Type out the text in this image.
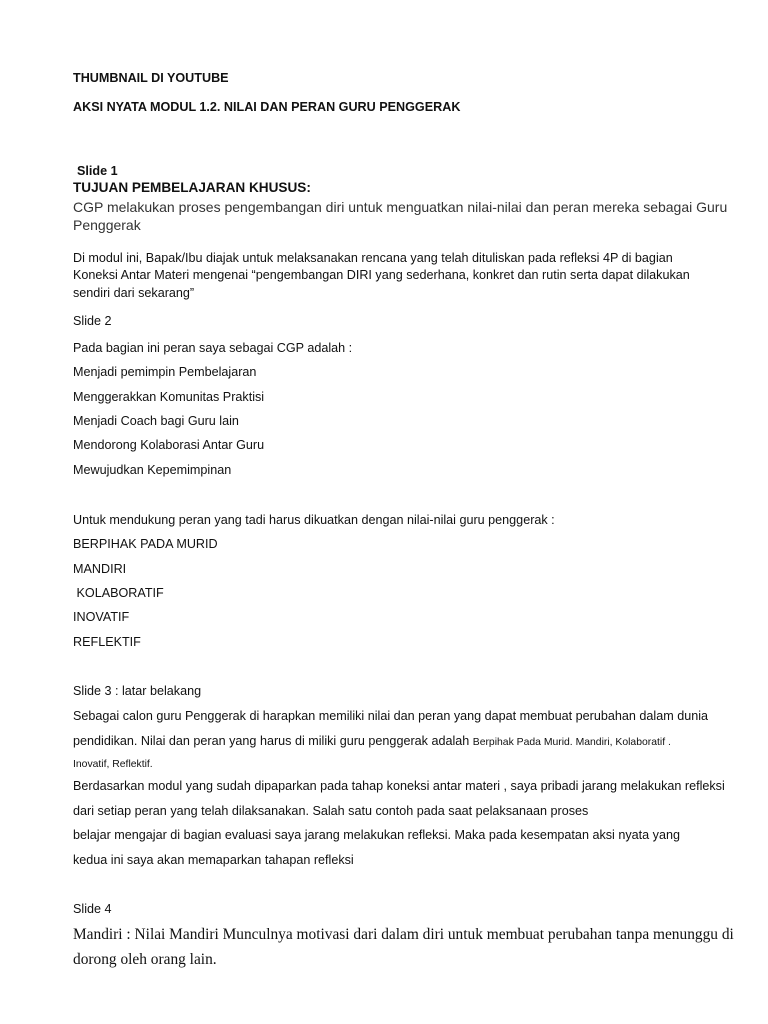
THUMBNAIL DI YOUTUBE
AKSI NYATA MODUL 1.2. NILAI DAN PERAN GURU PENGGERAK
Slide 1
TUJUAN PEMBELAJARAN KHUSUS:
CGP melakukan proses pengembangan diri untuk menguatkan nilai-nilai dan peran mereka sebagai Guru
Penggerak
Di modul ini, Bapak/Ibu diajak untuk melaksanakan rencana yang telah dituliskan pada refleksi 4P di bagian
Koneksi Antar Materi mengenai “pengembangan DIRI yang sederhana, konkret dan rutin serta dapat dilakukan
sendiri dari sekarang”
Slide 2
Pada bagian ini peran saya sebagai CGP adalah :
Menjadi pemimpin Pembelajaran
Menggerakkan Komunitas Praktisi
Menjadi Coach bagi Guru lain
Mendorong Kolaborasi Antar Guru
Mewujudkan Kepemimpinan
Untuk mendukung peran yang tadi harus dikuatkan dengan nilai-nilai guru penggerak :
BERPIHAK PADA MURID
MANDIRI
KOLABORATIF
INOVATIF
REFLEKTIF
Slide 3 : latar belakang
Sebagai calon guru Penggerak di harapkan memiliki nilai dan peran yang dapat membuat perubahan dalam dunia
pendidikan. Nilai dan peran yang harus di miliki guru penggerak adalah Berpihak Pada Murid. Mandiri, Kolaboratif .
Inovatif, Reflektif.
Berdasarkan modul yang sudah dipaparkan pada tahap koneksi antar materi , saya pribadi jarang melakukan refleksi
dari setiap peran yang telah dilaksanakan. Salah satu contoh pada saat pelaksanaan proses
belajar mengajar di bagian evaluasi saya jarang melakukan refleksi. Maka pada kesempatan aksi nyata yang
kedua ini saya akan memaparkan tahapan refleksi
Slide 4
Mandiri : Nilai Mandiri Munculnya motivasi dari dalam diri untuk membuat perubahan tanpa menunggu di
dorong oleh orang lain.
